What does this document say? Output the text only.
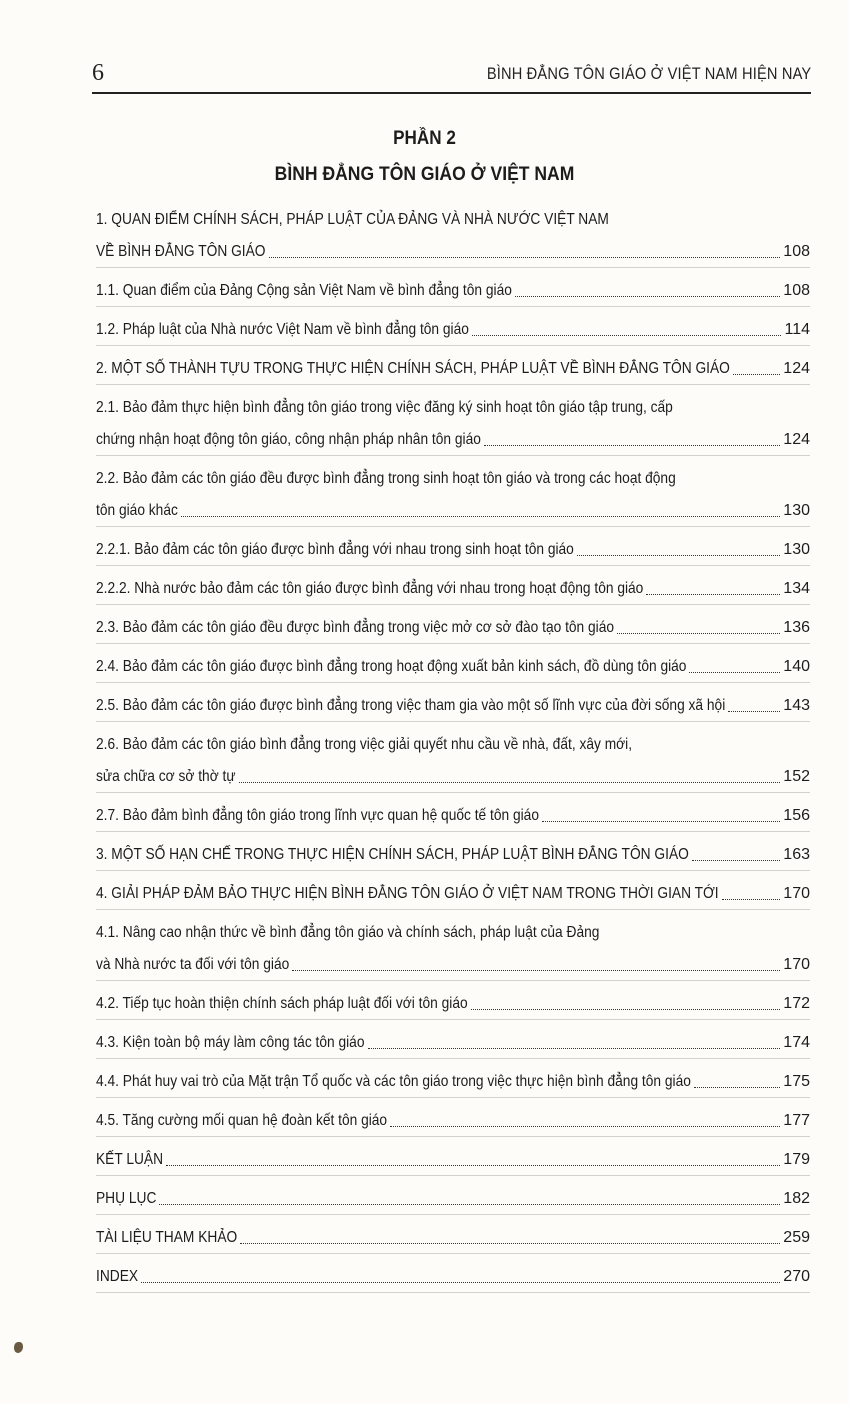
6	BÌNH ĐẲNG TÔN GIÁO Ở VIỆT NAM HIỆN NAY
PHẦN 2
BÌNH ĐẲNG TÔN GIÁO Ở VIỆT NAM
1. QUAN ĐIỂM CHÍNH SÁCH, PHÁP LUẬT CỦA ĐẢNG VÀ NHÀ NƯỚC VIỆT NAM
VỀ BÌNH ĐẲNG TÔN GIÁO	108
1.1. Quan điểm của Đảng Cộng sản Việt Nam về bình đẳng tôn giáo	108
1.2. Pháp luật của Nhà nước Việt Nam về bình đẳng tôn giáo	114
2. MỘT SỐ THÀNH TỰU TRONG THỰC HIỆN CHÍNH SÁCH, PHÁP LUẬT VỀ BÌNH ĐẲNG TÔN GIÁO	124
2.1. Bảo đảm thực hiện bình đẳng tôn giáo trong việc đăng ký sinh hoạt tôn giáo tập trung, cấp
chứng nhận hoạt động tôn giáo, công nhận pháp nhân tôn giáo	124
2.2. Bảo đảm các tôn giáo đều được bình đẳng trong sinh hoạt tôn giáo và trong các hoạt động
tôn giáo khác	130
2.2.1. Bảo đảm các tôn giáo được bình đẳng với nhau trong sinh hoạt tôn giáo	130
2.2.2. Nhà nước bảo đảm các tôn giáo được bình đẳng với nhau trong hoạt động tôn giáo	134
2.3. Bảo đảm các tôn giáo đều được bình đẳng trong việc mở cơ sở đào tạo tôn giáo	136
2.4. Bảo đảm các tôn giáo được bình đẳng trong hoạt động xuất bản kinh sách, đồ dùng tôn giáo	140
2.5. Bảo đảm các tôn giáo được bình đẳng trong việc tham gia vào một số lĩnh vực của đời sống xã hội	143
2.6. Bảo đảm các tôn giáo bình đẳng trong việc giải quyết nhu cầu về nhà, đất, xây mới,
sửa chữa cơ sở thờ tự	152
2.7. Bảo đảm bình đẳng tôn giáo trong lĩnh vực quan hệ quốc tế tôn giáo	156
3. MỘT SỐ HẠN CHẾ TRONG THỰC HIỆN CHÍNH SÁCH, PHÁP LUẬT BÌNH ĐẲNG TÔN GIÁO	163
4. GIẢI PHÁP ĐẢM BẢO THỰC HIỆN BÌNH ĐẲNG TÔN GIÁO Ở VIỆT NAM TRONG THỜI GIAN TỚI	170
4.1. Nâng cao nhận thức về bình đẳng tôn giáo và chính sách, pháp luật của Đảng
và Nhà nước ta đối với tôn giáo	170
4.2. Tiếp tục hoàn thiện chính sách pháp luật đối với tôn giáo	172
4.3. Kiện toàn bộ máy làm công tác tôn giáo	174
4.4. Phát huy vai trò của Mặt trận Tổ quốc và các tôn giáo trong việc thực hiện bình đẳng tôn giáo	175
4.5. Tăng cường mối quan hệ đoàn kết tôn giáo	177
KẾT LUẬN	179
PHỤ LỤC	182
TÀI LIỆU THAM KHẢO	259
INDEX	270
